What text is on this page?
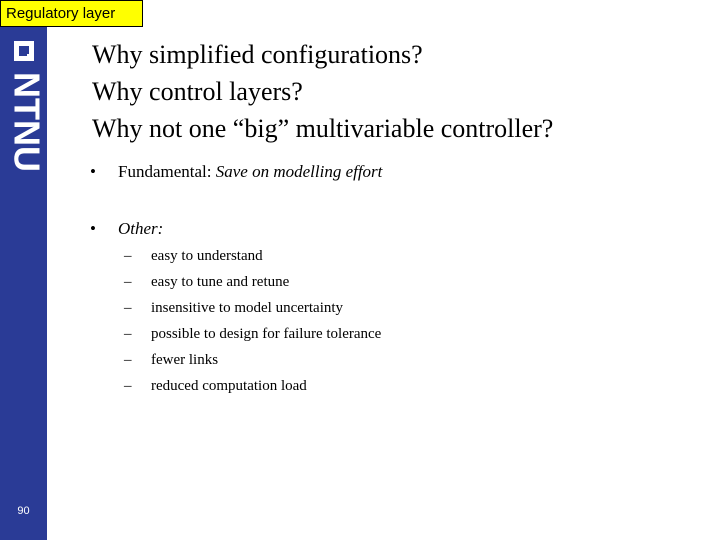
NTNU
90
Regulatory layer
Why simplified configurations?
Why control layers?
Why not one “big” multivariable controller?
• Fundamental: Save on modelling effort
• Other:
– easy to understand
– easy to tune and retune
– insensitive to model uncertainty
– possible to design for failure tolerance
– fewer links
– reduced computation load
